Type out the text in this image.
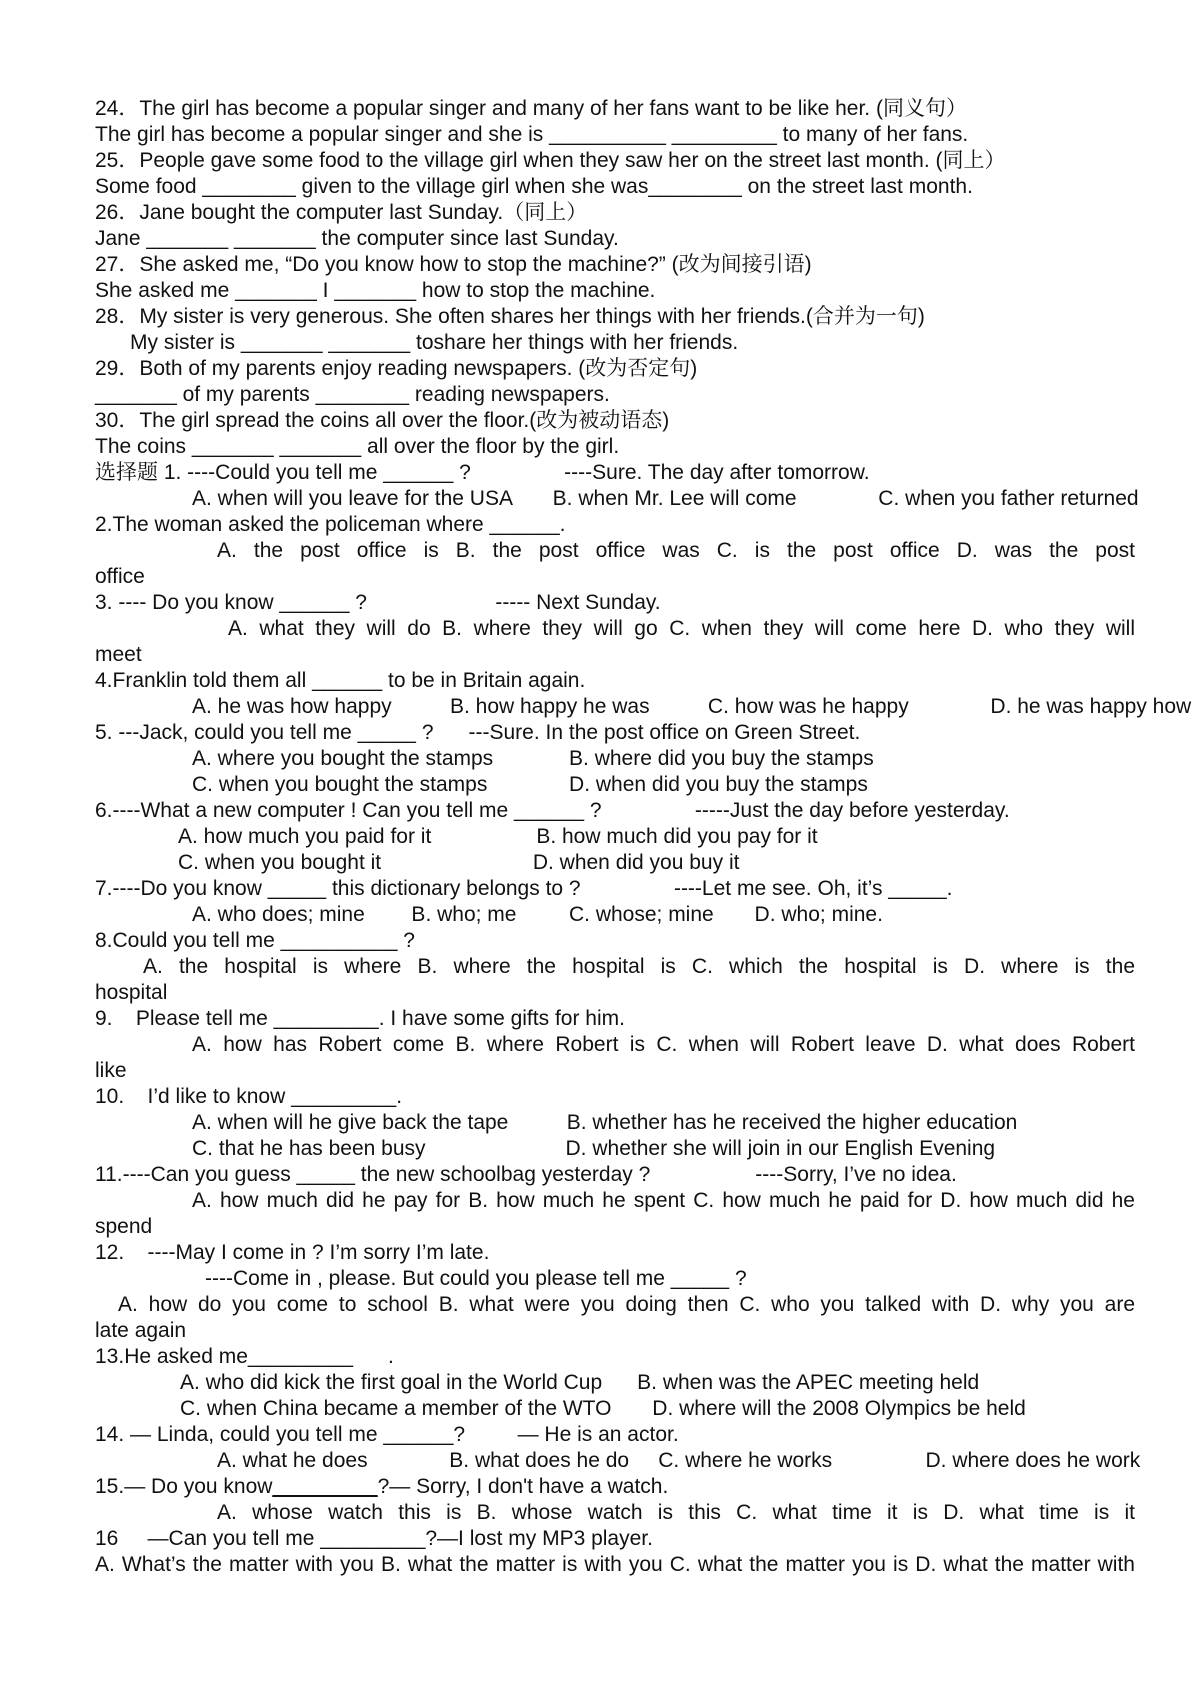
24．The girl has become a popular singer and many of her fans want to be like her. (同义句）
The girl has become a popular singer and she is __________ _________ to many of her fans.
25．People gave some food to the village girl when they saw her on the street last month. (同上）
Some food ________ given to the village girl when she was________ on the street last month.
26．Jane bought the computer last Sunday.（同上）
Jane _______ _______ the computer since last Sunday.
27．She asked me, “Do you know how to stop the machine?” (改为间接引语)
She asked me _______ I _______ how to stop the machine.
28．My sister is very generous. She often shares her things with her friends.(合并为一句)
My sister is _______ _______ toshare her things with her friends.
29．Both of my parents enjoy reading newspapers. (改为否定句)
_______ of my parents ________ reading newspapers.
30．The girl spread the coins all over the floor.(改为被动语态)
The coins _______ _______ all over the floor by the girl.
选择题 1. ----Could you tell me ______ ?                ----Sure. The day after tomorrow.
A. when will you leave for the USA       B. when Mr. Lee will come              C. when you father returned
2.The woman asked the policeman where ______.
A. the post office is B. the post office was C. is the post office D. was the post
office
3. ---- Do you know ______ ?                      ----- Next Sunday.
A. what they will do B. where they will go C. when they will come here D. who they will
meet
4.Franklin told them all ______ to be in Britain again.
A. he was how happy          B. how happy he was          C. how was he happy              D. he was happy how
5. ---Jack, could you tell me _____ ?      ---Sure. In the post office on Green Street.
A. where you bought the stamps             B. where did you buy the stamps
C. when you bought the stamps              D. when did you buy the stamps
6.----What a new computer ! Can you tell me ______ ?                -----Just the day before yesterday.
A. how much you paid for it                  B. how much did you pay for it
C. when you bought it                          D. when did you buy it
7.----Do you know _____ this dictionary belongs to ?                ----Let me see. Oh, it’s _____.
A. who does; mine        B. who; me         C. whose; mine       D. who; mine.
8.Could you tell me __________ ?
A. the hospital is where B. where the hospital is C. which the hospital is D. where is the
hospital
9.    Please tell me _________. I have some gifts for him.
A. how has Robert come B. where Robert is C. when will Robert leave D. what does Robert
like
10.    I’d like to know _________.
A. when will he give back the tape          B. whether has he received the higher education
C. that he has been busy                        D. whether she will join in our English Evening
11.----Can you guess _____ the new schoolbag yesterday ?                  ----Sorry, I’ve no idea.
A. how much did he pay for B. how much he spent C. how much he paid for D. how much did he
spend
12.    ----May I come in ? I’m sorry I’m late.
----Come in , please. But could you please tell me _____ ?
A. how do you come to school B. what were you doing then C. who you talked with D. why you are
late again
13.He asked me_________      .
A. who did kick the first goal in the World Cup      B. when was the APEC meeting held
C. when China became a member of the WTO       D. where will the 2008 Olympics be held
14. — Linda, could you tell me ______?         — He is an actor.
A. what he does              B. what does he do     C. where he works                D. where does he work
15.— Do you know_________?— Sorry, I don't have a watch.
A. whose watch this is B. whose watch is this C. what time it is D. what time is it
16     —Can you tell me _________?—I lost my MP3 player.
A. What’s the matter with you B. what the matter is with you C. what the matter you is D. what the matter with
